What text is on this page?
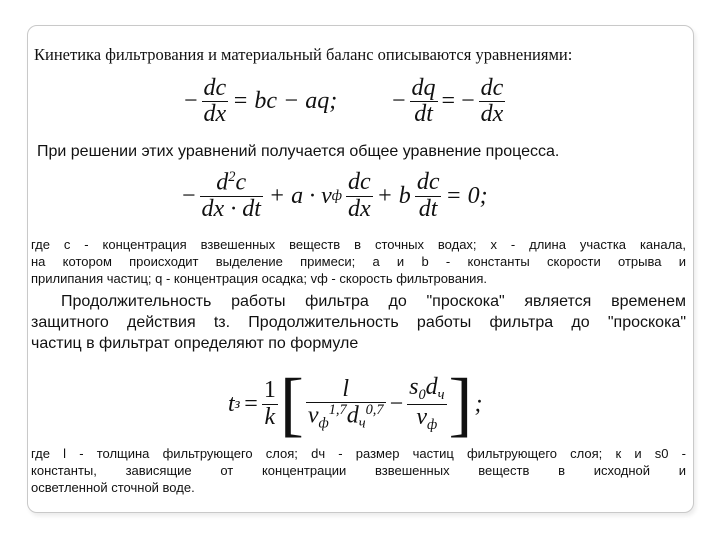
Кинетика фильтрования и материальный баланс описываются уравнениями:
− $\frac{dc}{dx}$ = bc − aq; − $\frac{dq}{dt}$ = − $\frac{dc}{dx}$
При решении этих уравнений получается общее уравнение процесса.
− $\frac{d^2c}{dx \cdot dt} + a \cdot v$ ф $\frac{dc}{dx} + b \frac{dc}{dt} = 0$;
где c - концентрация взвешенных веществ в сточных водах; x - длина участка канала,
на котором происходит выделение примеси; a и b - константы скорости отрыва и
прилипания частиц; q - концентрация осадка; vф - скорость фильтрования.
Продолжительность работы фильтра до "проскока" является временем
защитного действия tз. Продолжительность работы фильтра до "проскока"
частиц в фильтрат определяют по формуле
t $з = \frac{1}{k}$ [ $\frac{l}{v_ф^{1,7}d_ч^{0,7}} - \frac{s_0d_ч}{v_ф}$ ] ;
где l - толщина фильтрующего слоя; dч - размер частиц фильтрующего слоя; к и s0 -
константы, зависящие от концентрации взвешенных веществ в исходной и
осветленной сточной воде.
